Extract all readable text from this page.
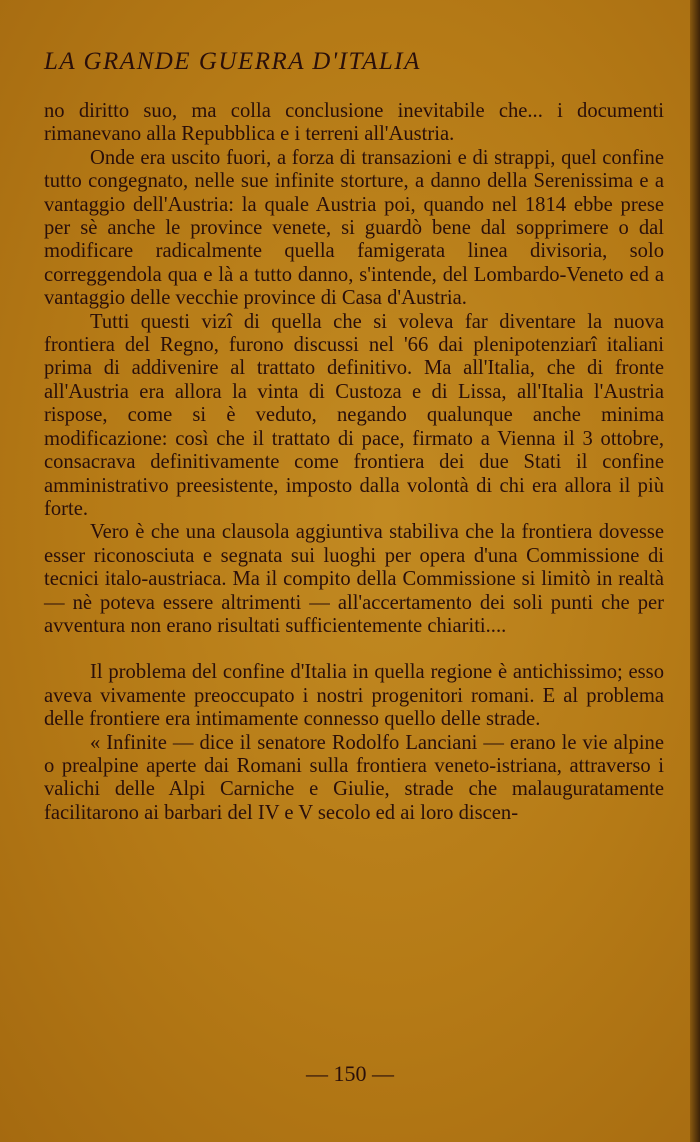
LA GRANDE GUERRA D'ITALIA

no diritto suo, ma colla conclusione inevitabile che... i documenti rimanevano alla Repubblica e i terreni all'Austria.

Onde era uscito fuori, a forza di transazioni e di strappi, quel confine tutto congegnato, nelle sue infinite storture, a danno della Serenissima e a vantaggio dell'Austria: la quale Austria poi, quando nel 1814 ebbe prese per sè anche le province venete, si guardò bene dal sopprimere o dal modificare radicalmente quella famigerata linea divisoria, solo correggendola qua e là a tutto danno, s'intende, del Lombardo-Veneto ed a vantaggio delle vecchie province di Casa d'Austria.

Tutti questi vizî di quella che si voleva far diventare la nuova frontiera del Regno, furono discussi nel '66 dai plenipotenziarî italiani prima di addivenire al trattato definitivo. Ma all'Italia, che di fronte all'Austria era allora la vinta di Custoza e di Lissa, all'Italia l'Austria rispose, come si è veduto, negando qualunque anche minima modificazione: così che il trattato di pace, firmato a Vienna il 3 ottobre, consacrava definitivamente come frontiera dei due Stati il confine amministrativo preesistente, imposto dalla volontà di chi era allora il più forte.

Vero è che una clausola aggiuntiva stabiliva che la frontiera dovesse esser riconosciuta e segnata sui luoghi per opera d'una Commissione di tecnici italo-austriaca. Ma il compito della Commissione si limitò in realtà — nè poteva essere altrimenti — all'accertamento dei soli punti che per avventura non erano risultati sufficientemente chiariti....

Il problema del confine d'Italia in quella regione è antichissimo; esso aveva vivamente preoccupato i nostri progenitori romani. E al problema delle frontiere era intimamente connesso quello delle strade.

« Infinite — dice il senatore Rodolfo Lanciani — erano le vie alpine o prealpine aperte dai Romani sulla frontiera veneto-istriana, attraverso i valichi delle Alpi Carniche e Giulie, strade che malauguratamente facilitarono ai barbari del IV e V secolo ed ai loro discen-

— 150 —
